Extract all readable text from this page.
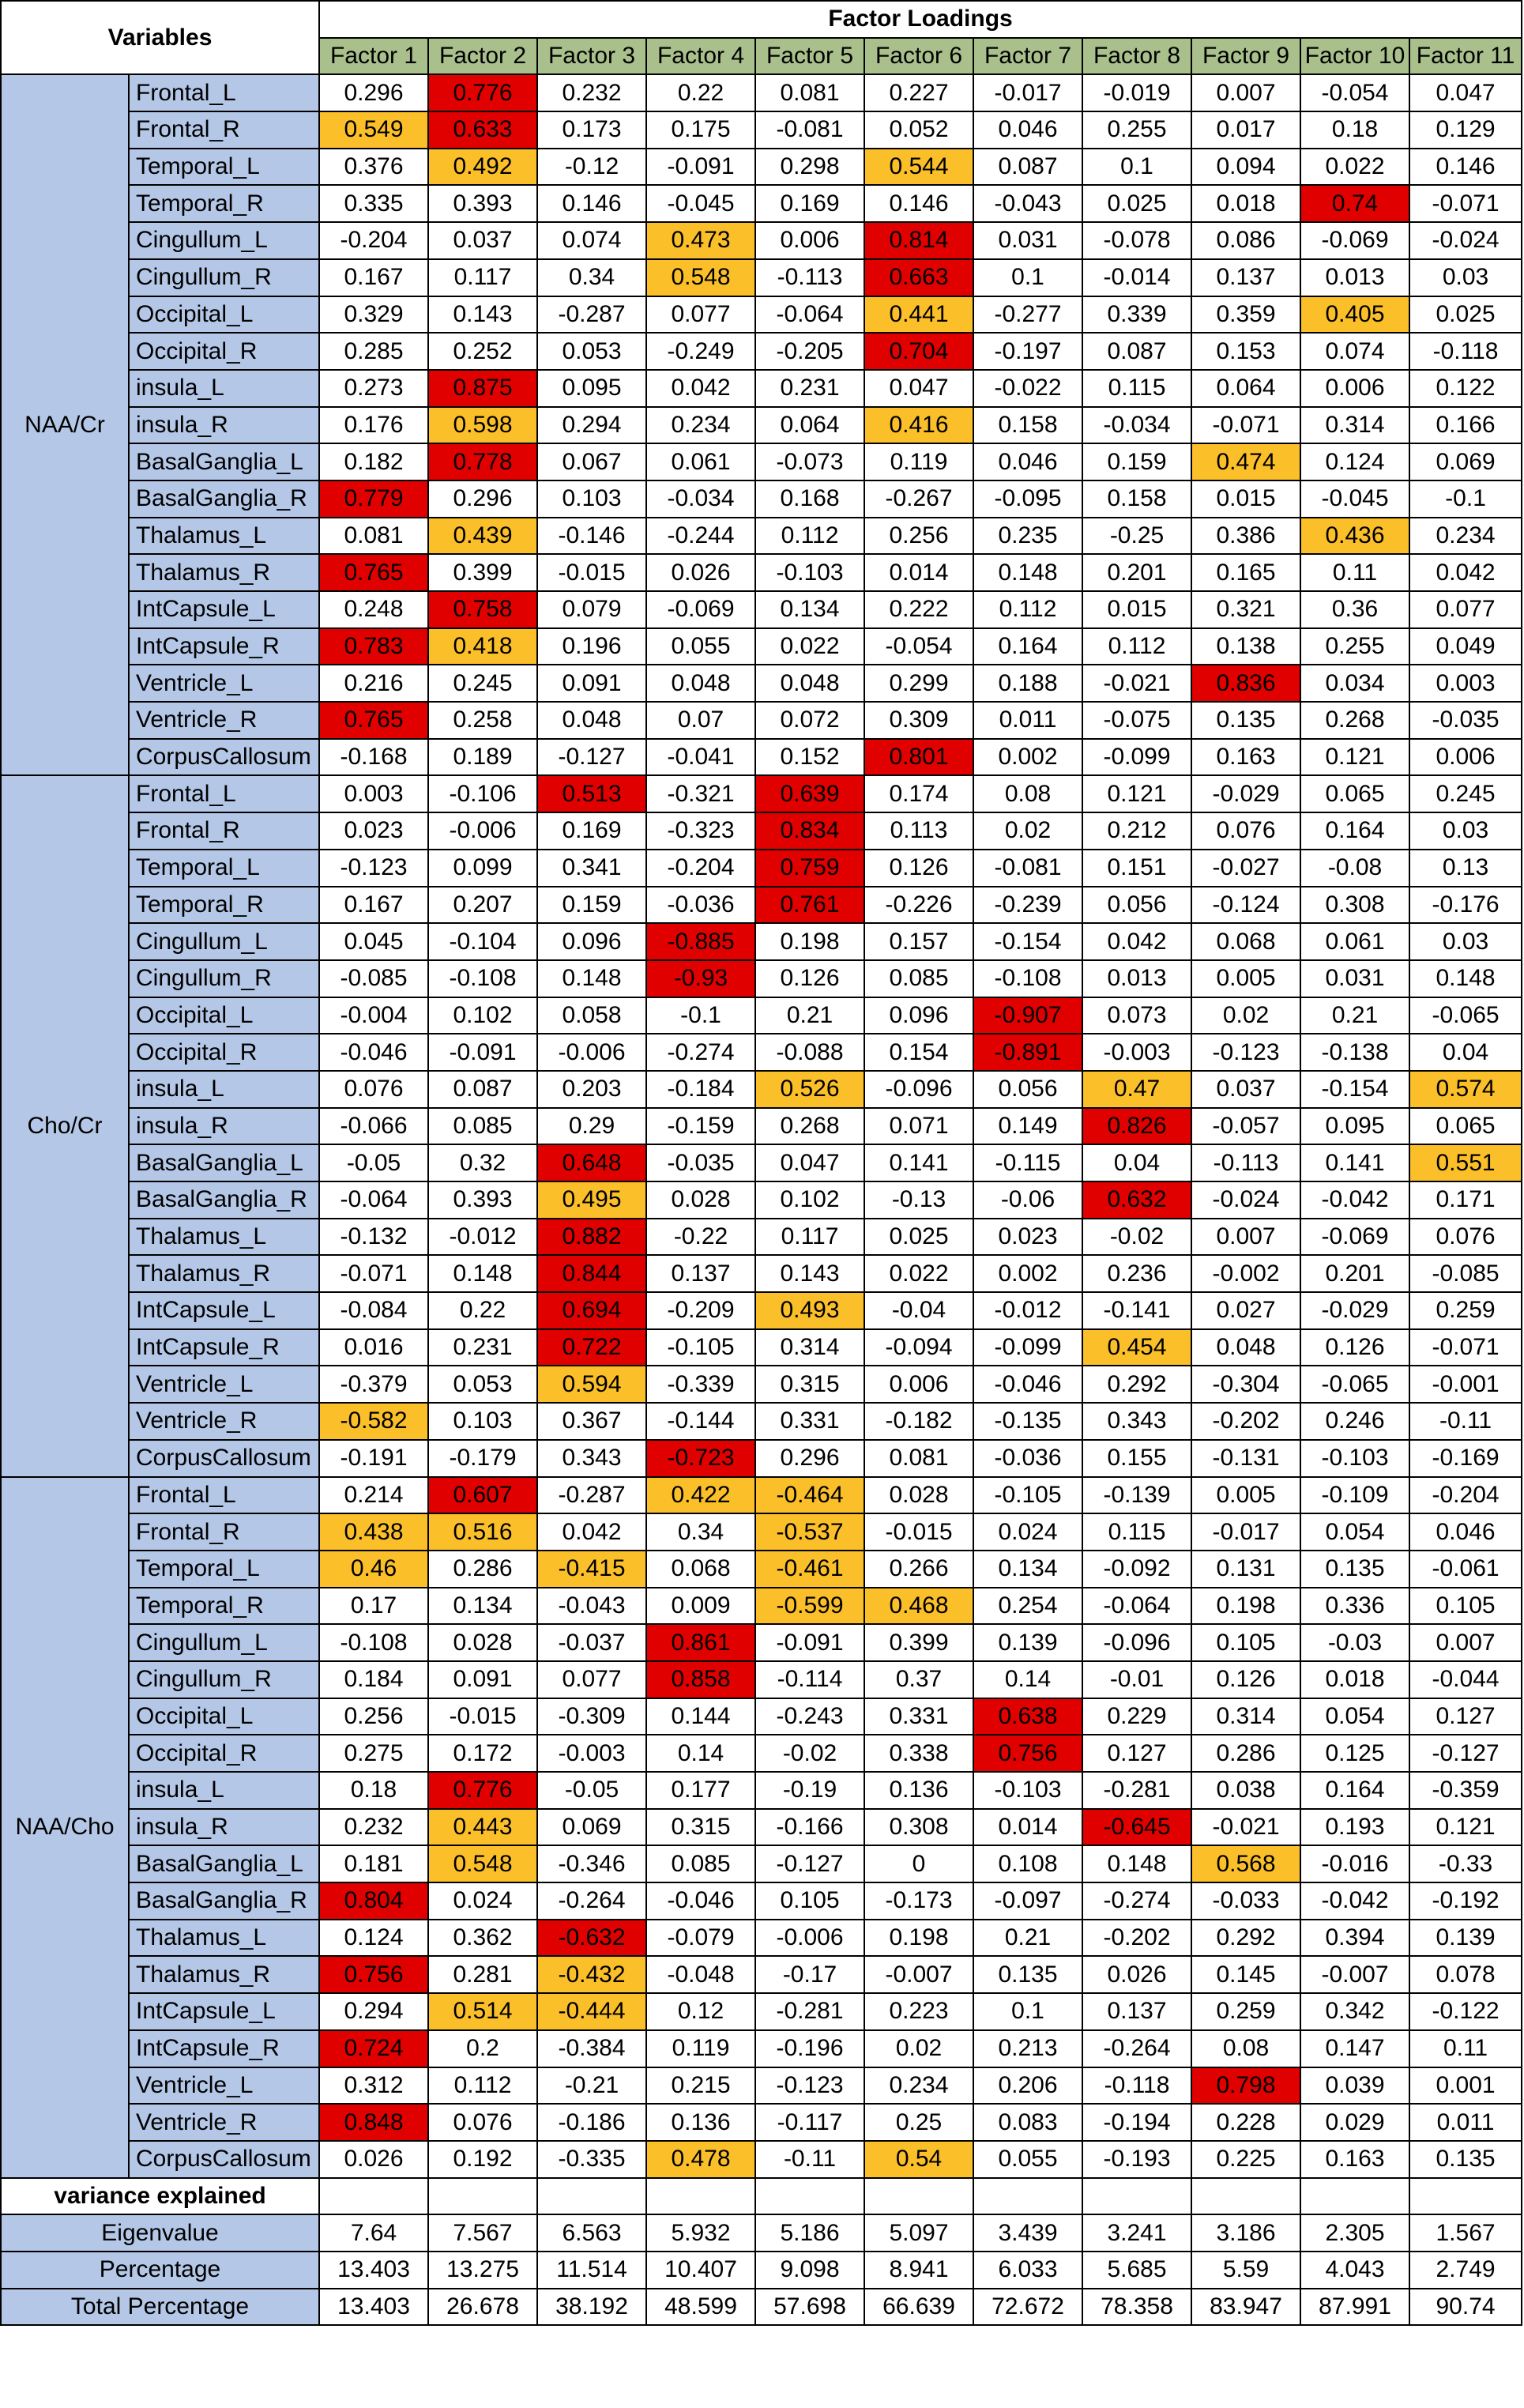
Variables		Factor Loadings										
		Factor 1	Factor 2	Factor 3	Factor 4	Factor 5	Factor 6	Factor 7	Factor 8	Factor 9	Factor 10	Factor 11
NAA/Cr	Frontal_L	0.296	0.776	0.232	0.22	0.081	0.227	-0.017	-0.019	0.007	-0.054	0.047
	Frontal_R	0.549	0.633	0.173	0.175	-0.081	0.052	0.046	0.255	0.017	0.18	0.129
	Temporal_L	0.376	0.492	-0.12	-0.091	0.298	0.544	0.087	0.1	0.094	0.022	0.146
	Temporal_R	0.335	0.393	0.146	-0.045	0.169	0.146	-0.043	0.025	0.018	0.74	-0.071
	Cingullum_L	-0.204	0.037	0.074	0.473	0.006	0.814	0.031	-0.078	0.086	-0.069	-0.024
	Cingullum_R	0.167	0.117	0.34	0.548	-0.113	0.663	0.1	-0.014	0.137	0.013	0.03
	Occipital_L	0.329	0.143	-0.287	0.077	-0.064	0.441	-0.277	0.339	0.359	0.405	0.025
	Occipital_R	0.285	0.252	0.053	-0.249	-0.205	0.704	-0.197	0.087	0.153	0.074	-0.118
	insula_L	0.273	0.875	0.095	0.042	0.231	0.047	-0.022	0.115	0.064	0.006	0.122
	insula_R	0.176	0.598	0.294	0.234	0.064	0.416	0.158	-0.034	-0.071	0.314	0.166
	BasalGanglia_L	0.182	0.778	0.067	0.061	-0.073	0.119	0.046	0.159	0.474	0.124	0.069
	BasalGanglia_R	0.779	0.296	0.103	-0.034	0.168	-0.267	-0.095	0.158	0.015	-0.045	-0.1
	Thalamus_L	0.081	0.439	-0.146	-0.244	0.112	0.256	0.235	-0.25	0.386	0.436	0.234
	Thalamus_R	0.765	0.399	-0.015	0.026	-0.103	0.014	0.148	0.201	0.165	0.11	0.042
	IntCapsule_L	0.248	0.758	0.079	-0.069	0.134	0.222	0.112	0.015	0.321	0.36	0.077
	IntCapsule_R	0.783	0.418	0.196	0.055	0.022	-0.054	0.164	0.112	0.138	0.255	0.049
	Ventricle_L	0.216	0.245	0.091	0.048	0.048	0.299	0.188	-0.021	0.836	0.034	0.003
	Ventricle_R	0.765	0.258	0.048	0.07	0.072	0.309	0.011	-0.075	0.135	0.268	-0.035
	CorpusCallosum	-0.168	0.189	-0.127	-0.041	0.152	0.801	0.002	-0.099	0.163	0.121	0.006
Cho/Cr	Frontal_L	0.003	-0.106	0.513	-0.321	0.639	0.174	0.08	0.121	-0.029	0.065	0.245
	Frontal_R	0.023	-0.006	0.169	-0.323	0.834	0.113	0.02	0.212	0.076	0.164	0.03
	Temporal_L	-0.123	0.099	0.341	-0.204	0.759	0.126	-0.081	0.151	-0.027	-0.08	0.13
	Temporal_R	0.167	0.207	0.159	-0.036	0.761	-0.226	-0.239	0.056	-0.124	0.308	-0.176
	Cingullum_L	0.045	-0.104	0.096	-0.885	0.198	0.157	-0.154	0.042	0.068	0.061	0.03
	Cingullum_R	-0.085	-0.108	0.148	-0.93	0.126	0.085	-0.108	0.013	0.005	0.031	0.148
	Occipital_L	-0.004	0.102	0.058	-0.1	0.21	0.096	-0.907	0.073	0.02	0.21	-0.065
	Occipital_R	-0.046	-0.091	-0.006	-0.274	-0.088	0.154	-0.891	-0.003	-0.123	-0.138	0.04
	insula_L	0.076	0.087	0.203	-0.184	0.526	-0.096	0.056	0.47	0.037	-0.154	0.574
	insula_R	-0.066	0.085	0.29	-0.159	0.268	0.071	0.149	0.826	-0.057	0.095	0.065
	BasalGanglia_L	-0.05	0.32	0.648	-0.035	0.047	0.141	-0.115	0.04	-0.113	0.141	0.551
	BasalGanglia_R	-0.064	0.393	0.495	0.028	0.102	-0.13	-0.06	0.632	-0.024	-0.042	0.171
	Thalamus_L	-0.132	-0.012	0.882	-0.22	0.117	0.025	0.023	-0.02	0.007	-0.069	0.076
	Thalamus_R	-0.071	0.148	0.844	0.137	0.143	0.022	0.002	0.236	-0.002	0.201	-0.085
	IntCapsule_L	-0.084	0.22	0.694	-0.209	0.493	-0.04	-0.012	-0.141	0.027	-0.029	0.259
	IntCapsule_R	0.016	0.231	0.722	-0.105	0.314	-0.094	-0.099	0.454	0.048	0.126	-0.071
	Ventricle_L	-0.379	0.053	0.594	-0.339	0.315	0.006	-0.046	0.292	-0.304	-0.065	-0.001
	Ventricle_R	-0.582	0.103	0.367	-0.144	0.331	-0.182	-0.135	0.343	-0.202	0.246	-0.11
	CorpusCallosum	-0.191	-0.179	0.343	-0.723	0.296	0.081	-0.036	0.155	-0.131	-0.103	-0.169
NAA/Cho	Frontal_L	0.214	0.607	-0.287	0.422	-0.464	0.028	-0.105	-0.139	0.005	-0.109	-0.204
	Frontal_R	0.438	0.516	0.042	0.34	-0.537	-0.015	0.024	0.115	-0.017	0.054	0.046
	Temporal_L	0.46	0.286	-0.415	0.068	-0.461	0.266	0.134	-0.092	0.131	0.135	-0.061
	Temporal_R	0.17	0.134	-0.043	0.009	-0.599	0.468	0.254	-0.064	0.198	0.336	0.105
	Cingullum_L	-0.108	0.028	-0.037	0.861	-0.091	0.399	0.139	-0.096	0.105	-0.03	0.007
	Cingullum_R	0.184	0.091	0.077	0.858	-0.114	0.37	0.14	-0.01	0.126	0.018	-0.044
	Occipital_L	0.256	-0.015	-0.309	0.144	-0.243	0.331	0.638	0.229	0.314	0.054	0.127
	Occipital_R	0.275	0.172	-0.003	0.14	-0.02	0.338	0.756	0.127	0.286	0.125	-0.127
	insula_L	0.18	0.776	-0.05	0.177	-0.19	0.136	-0.103	-0.281	0.038	0.164	-0.359
	insula_R	0.232	0.443	0.069	0.315	-0.166	0.308	0.014	-0.645	-0.021	0.193	0.121
	BasalGanglia_L	0.181	0.548	-0.346	0.085	-0.127	0	0.108	0.148	0.568	-0.016	-0.33
	BasalGanglia_R	0.804	0.024	-0.264	-0.046	0.105	-0.173	-0.097	-0.274	-0.033	-0.042	-0.192
	Thalamus_L	0.124	0.362	-0.632	-0.079	-0.006	0.198	0.21	-0.202	0.292	0.394	0.139
	Thalamus_R	0.756	0.281	-0.432	-0.048	-0.17	-0.007	0.135	0.026	0.145	-0.007	0.078
	IntCapsule_L	0.294	0.514	-0.444	0.12	-0.281	0.223	0.1	0.137	0.259	0.342	-0.122
	IntCapsule_R	0.724	0.2	-0.384	0.119	-0.196	0.02	0.213	-0.264	0.08	0.147	0.11
	Ventricle_L	0.312	0.112	-0.21	0.215	-0.123	0.234	0.206	-0.118	0.798	0.039	0.001
	Ventricle_R	0.848	0.076	-0.186	0.136	-0.117	0.25	0.083	-0.194	0.228	0.029	0.011
	CorpusCallosum	0.026	0.192	-0.335	0.478	-0.11	0.54	0.055	-0.193	0.225	0.163	0.135
variance explained												
Eigenvalue		7.64	7.567	6.563	5.932	5.186	5.097	3.439	3.241	3.186	2.305	1.567
Percentage		13.403	13.275	11.514	10.407	9.098	8.941	6.033	5.685	5.59	4.043	2.749
Total Percentage		13.403	26.678	38.192	48.599	57.698	66.639	72.672	78.358	83.947	87.991	90.74
